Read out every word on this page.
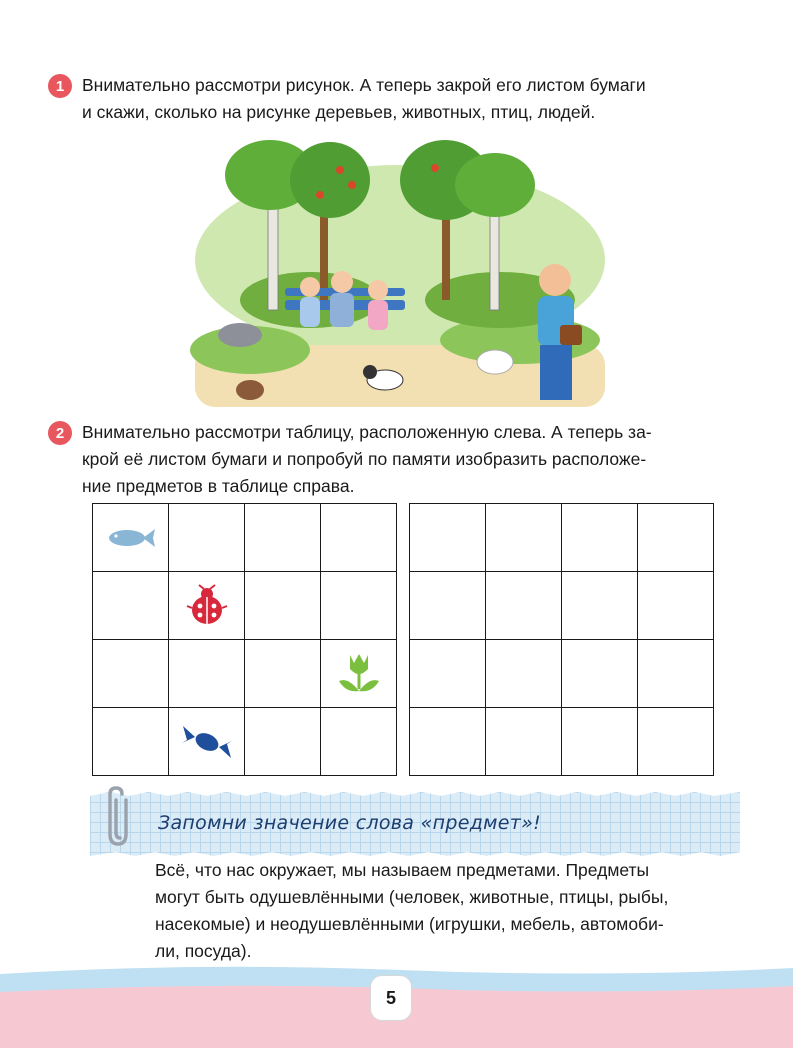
1	Внимательно рассмотри рисунок. А теперь закрой его листом бумаги
и скажи, сколько на рисунке деревьев, животных, птиц, людей.

2	Внимательно рассмотри таблицу, расположенную слева. А теперь за-
крой её листом бумаги и попробуй по памяти изобразить расположе-
ние предметов в таблице справа.

Запомни значение слова «предмет»!
Всё, что нас окружает, мы называем предметами. Предметы
могут быть одушевлёнными (человек, животные, птицы, рыбы,
насекомые) и неодушевлёнными (игрушки, мебель, автомоби-
ли, посуда).
5
